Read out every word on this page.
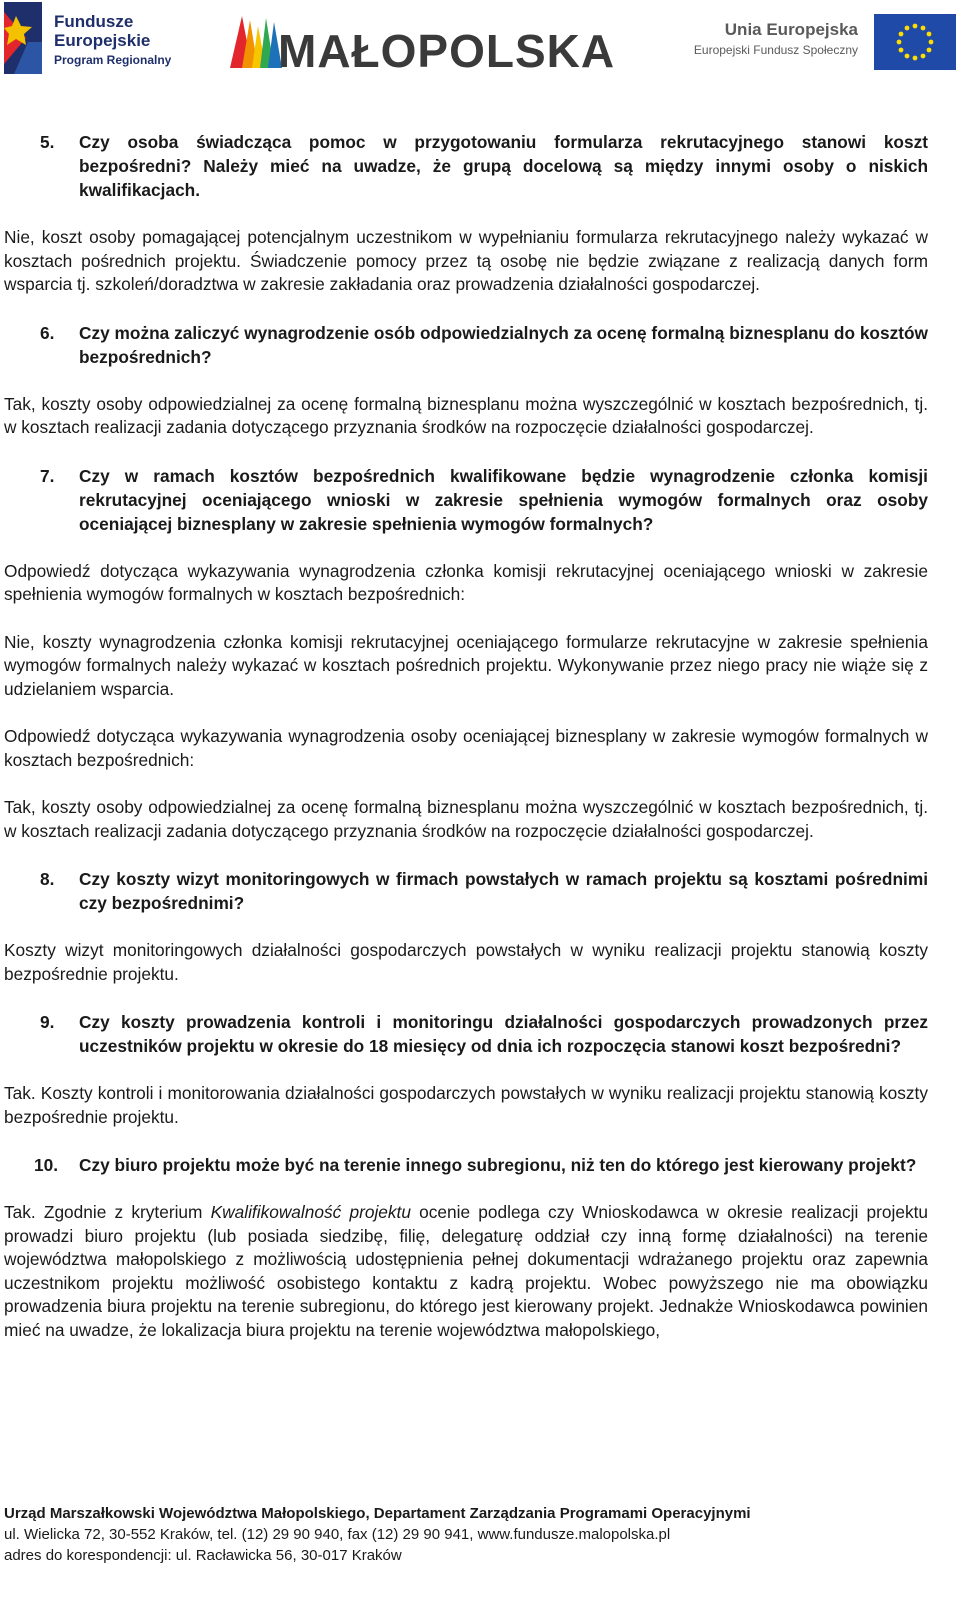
Fundusze
Europejskie
Program Regionalny MAŁOPOLSKA	Unia Europejska
Europejski Fundusz Społeczny

5. Czy osoba świadcząca pomoc w przygotowaniu formularza rekrutacyjnego stanowi koszt bezpośredni? Należy mieć na uwadze, że grupą docelową są między innymi osoby o niskich kwalifikacjach.

Nie, koszt osoby pomagającej potencjalnym uczestnikom w wypełnianiu formularza rekrutacyjnego należy wykazać w kosztach pośrednich projektu. Świadczenie pomocy przez tą osobę nie będzie związane z realizacją danych form wsparcia tj. szkoleń/doradztwa w zakresie zakładania oraz prowadzenia działalności gospodarczej.

6. Czy można zaliczyć wynagrodzenie osób odpowiedzialnych za ocenę formalną biznesplanu do kosztów bezpośrednich?

Tak, koszty osoby odpowiedzialnej za ocenę formalną biznesplanu można wyszczególnić w kosztach bezpośrednich, tj. w kosztach realizacji zadania dotyczącego przyznania środków na rozpoczęcie działalności gospodarczej.

7. Czy w ramach kosztów bezpośrednich kwalifikowane będzie wynagrodzenie członka komisji rekrutacyjnej oceniającego wnioski w zakresie spełnienia wymogów formalnych oraz osoby oceniającej biznesplany w zakresie spełnienia wymogów formalnych?

Odpowiedź dotycząca wykazywania wynagrodzenia członka komisji rekrutacyjnej oceniającego wnioski w zakresie spełnienia wymogów formalnych w kosztach bezpośrednich:

Nie, koszty wynagrodzenia członka komisji rekrutacyjnej oceniającego formularze rekrutacyjne w zakresie spełnienia wymogów formalnych należy wykazać w kosztach pośrednich projektu. Wykonywanie przez niego pracy nie wiąże się z udzielaniem wsparcia.

Odpowiedź dotycząca wykazywania wynagrodzenia osoby oceniającej biznesplany w zakresie wymogów formalnych w kosztach bezpośrednich:

Tak, koszty osoby odpowiedzialnej za ocenę formalną biznesplanu można wyszczególnić w kosztach bezpośrednich, tj. w kosztach realizacji zadania dotyczącego przyznania środków na rozpoczęcie działalności gospodarczej.

8. Czy koszty wizyt monitoringowych w firmach powstałych w ramach projektu są kosztami pośrednimi czy bezpośrednimi?

Koszty wizyt monitoringowych działalności gospodarczych powstałych w wyniku realizacji projektu stanowią koszty bezpośrednie projektu.

9. Czy koszty prowadzenia kontroli i monitoringu działalności gospodarczych prowadzonych przez uczestników projektu w okresie do 18 miesięcy od dnia ich rozpoczęcia stanowi koszt bezpośredni?

Tak. Koszty kontroli i monitorowania działalności gospodarczych powstałych w wyniku realizacji projektu stanowią koszty bezpośrednie projektu.

10. Czy biuro projektu może być na terenie innego subregionu, niż ten do którego jest kierowany projekt?

Tak. Zgodnie z kryterium Kwalifikowalność projektu ocenie podlega czy Wnioskodawca w okresie realizacji projektu prowadzi biuro projektu (lub posiada siedzibę, filię, delegaturę oddział czy inną formę działalności) na terenie województwa małopolskiego z możliwością udostępnienia pełnej dokumentacji wdrażanego projektu oraz zapewnia uczestnikom projektu możliwość osobistego kontaktu z kadrą projektu. Wobec powyższego nie ma obowiązku prowadzenia biura projektu na terenie subregionu, do którego jest kierowany projekt. Jednakże Wnioskodawca powinien mieć na uwadze, że lokalizacja biura projektu na terenie województwa małopolskiego,

Urząd Marszałkowski Województwa Małopolskiego, Departament Zarządzania Programami Operacyjnymi
ul. Wielicka 72, 30-552 Kraków, tel. (12) 29 90 940, fax (12) 29 90 941, www.fundusze.malopolska.pl
adres do korespondencji: ul. Racławicka 56, 30-017 Kraków
